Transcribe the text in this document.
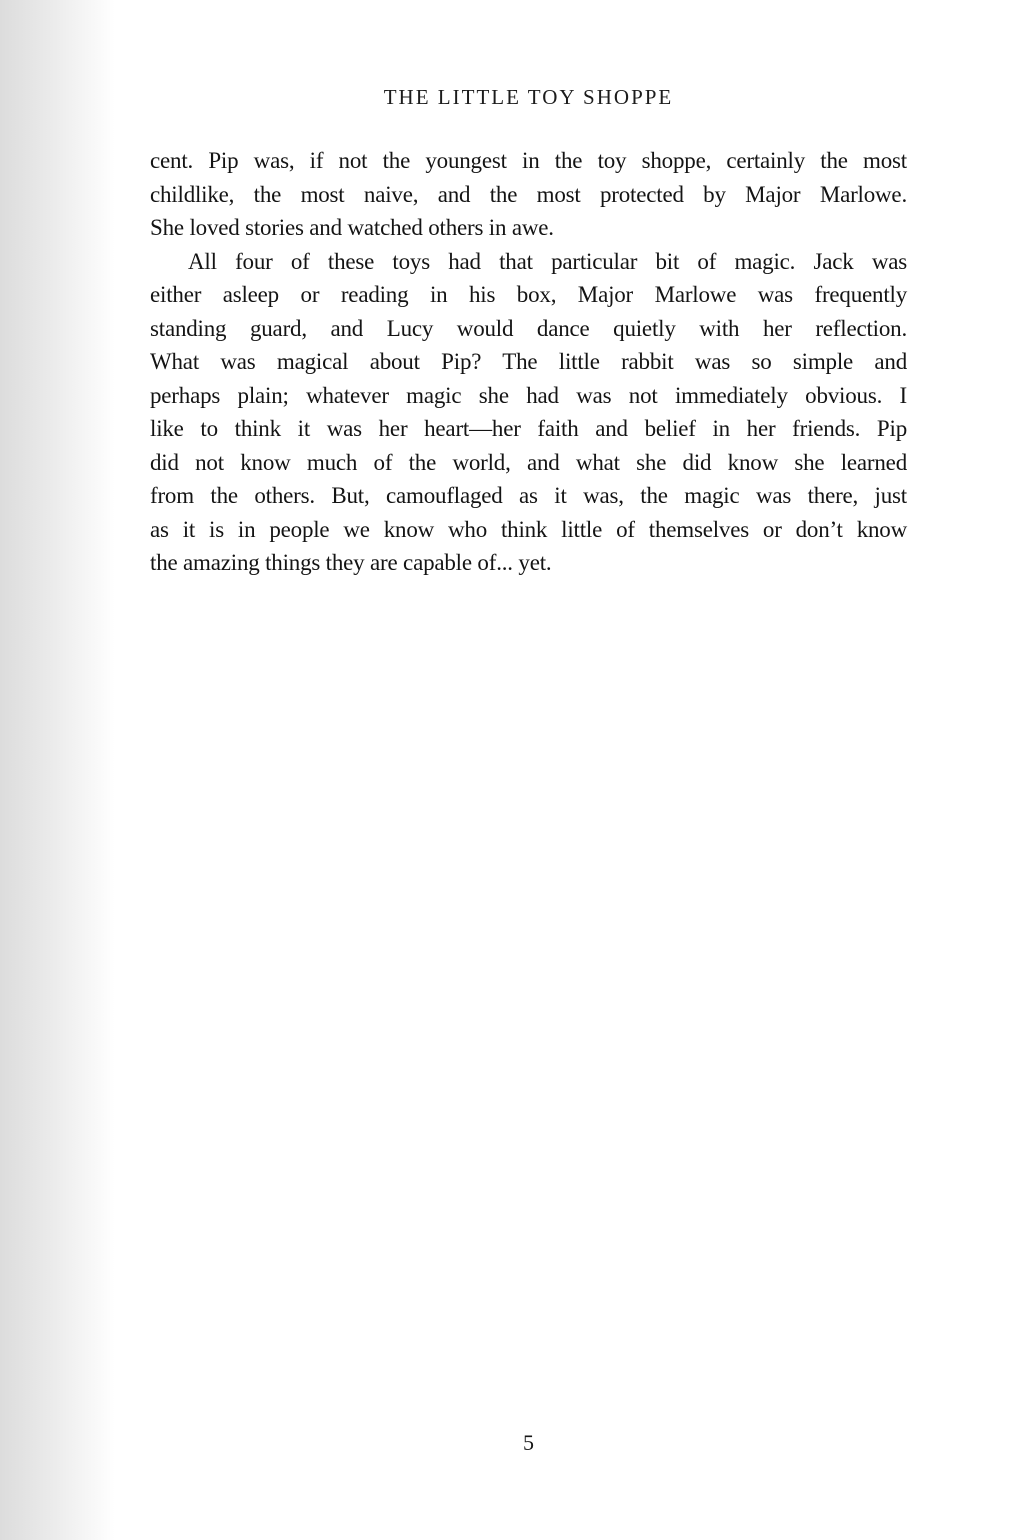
THE LITTLE TOY SHOPPE
cent. Pip was, if not the youngest in the toy shoppe, certainly the most
childlike, the most naive, and the most protected by Major Marlowe.
She loved stories and watched others in awe.
All four of these toys had that particular bit of magic. Jack was
either asleep or reading in his box, Major Marlowe was frequently
standing guard, and Lucy would dance quietly with her reflection.
What was magical about Pip? The little rabbit was so simple and
perhaps plain; whatever magic she had was not immediately obvious. I
like to think it was her heart—her faith and belief in her friends. Pip
did not know much of the world, and what she did know she learned
from the others. But, camouflaged as it was, the magic was there, just
as it is in people we know who think little of themselves or don’t know
the amazing things they are capable of... yet.
5
